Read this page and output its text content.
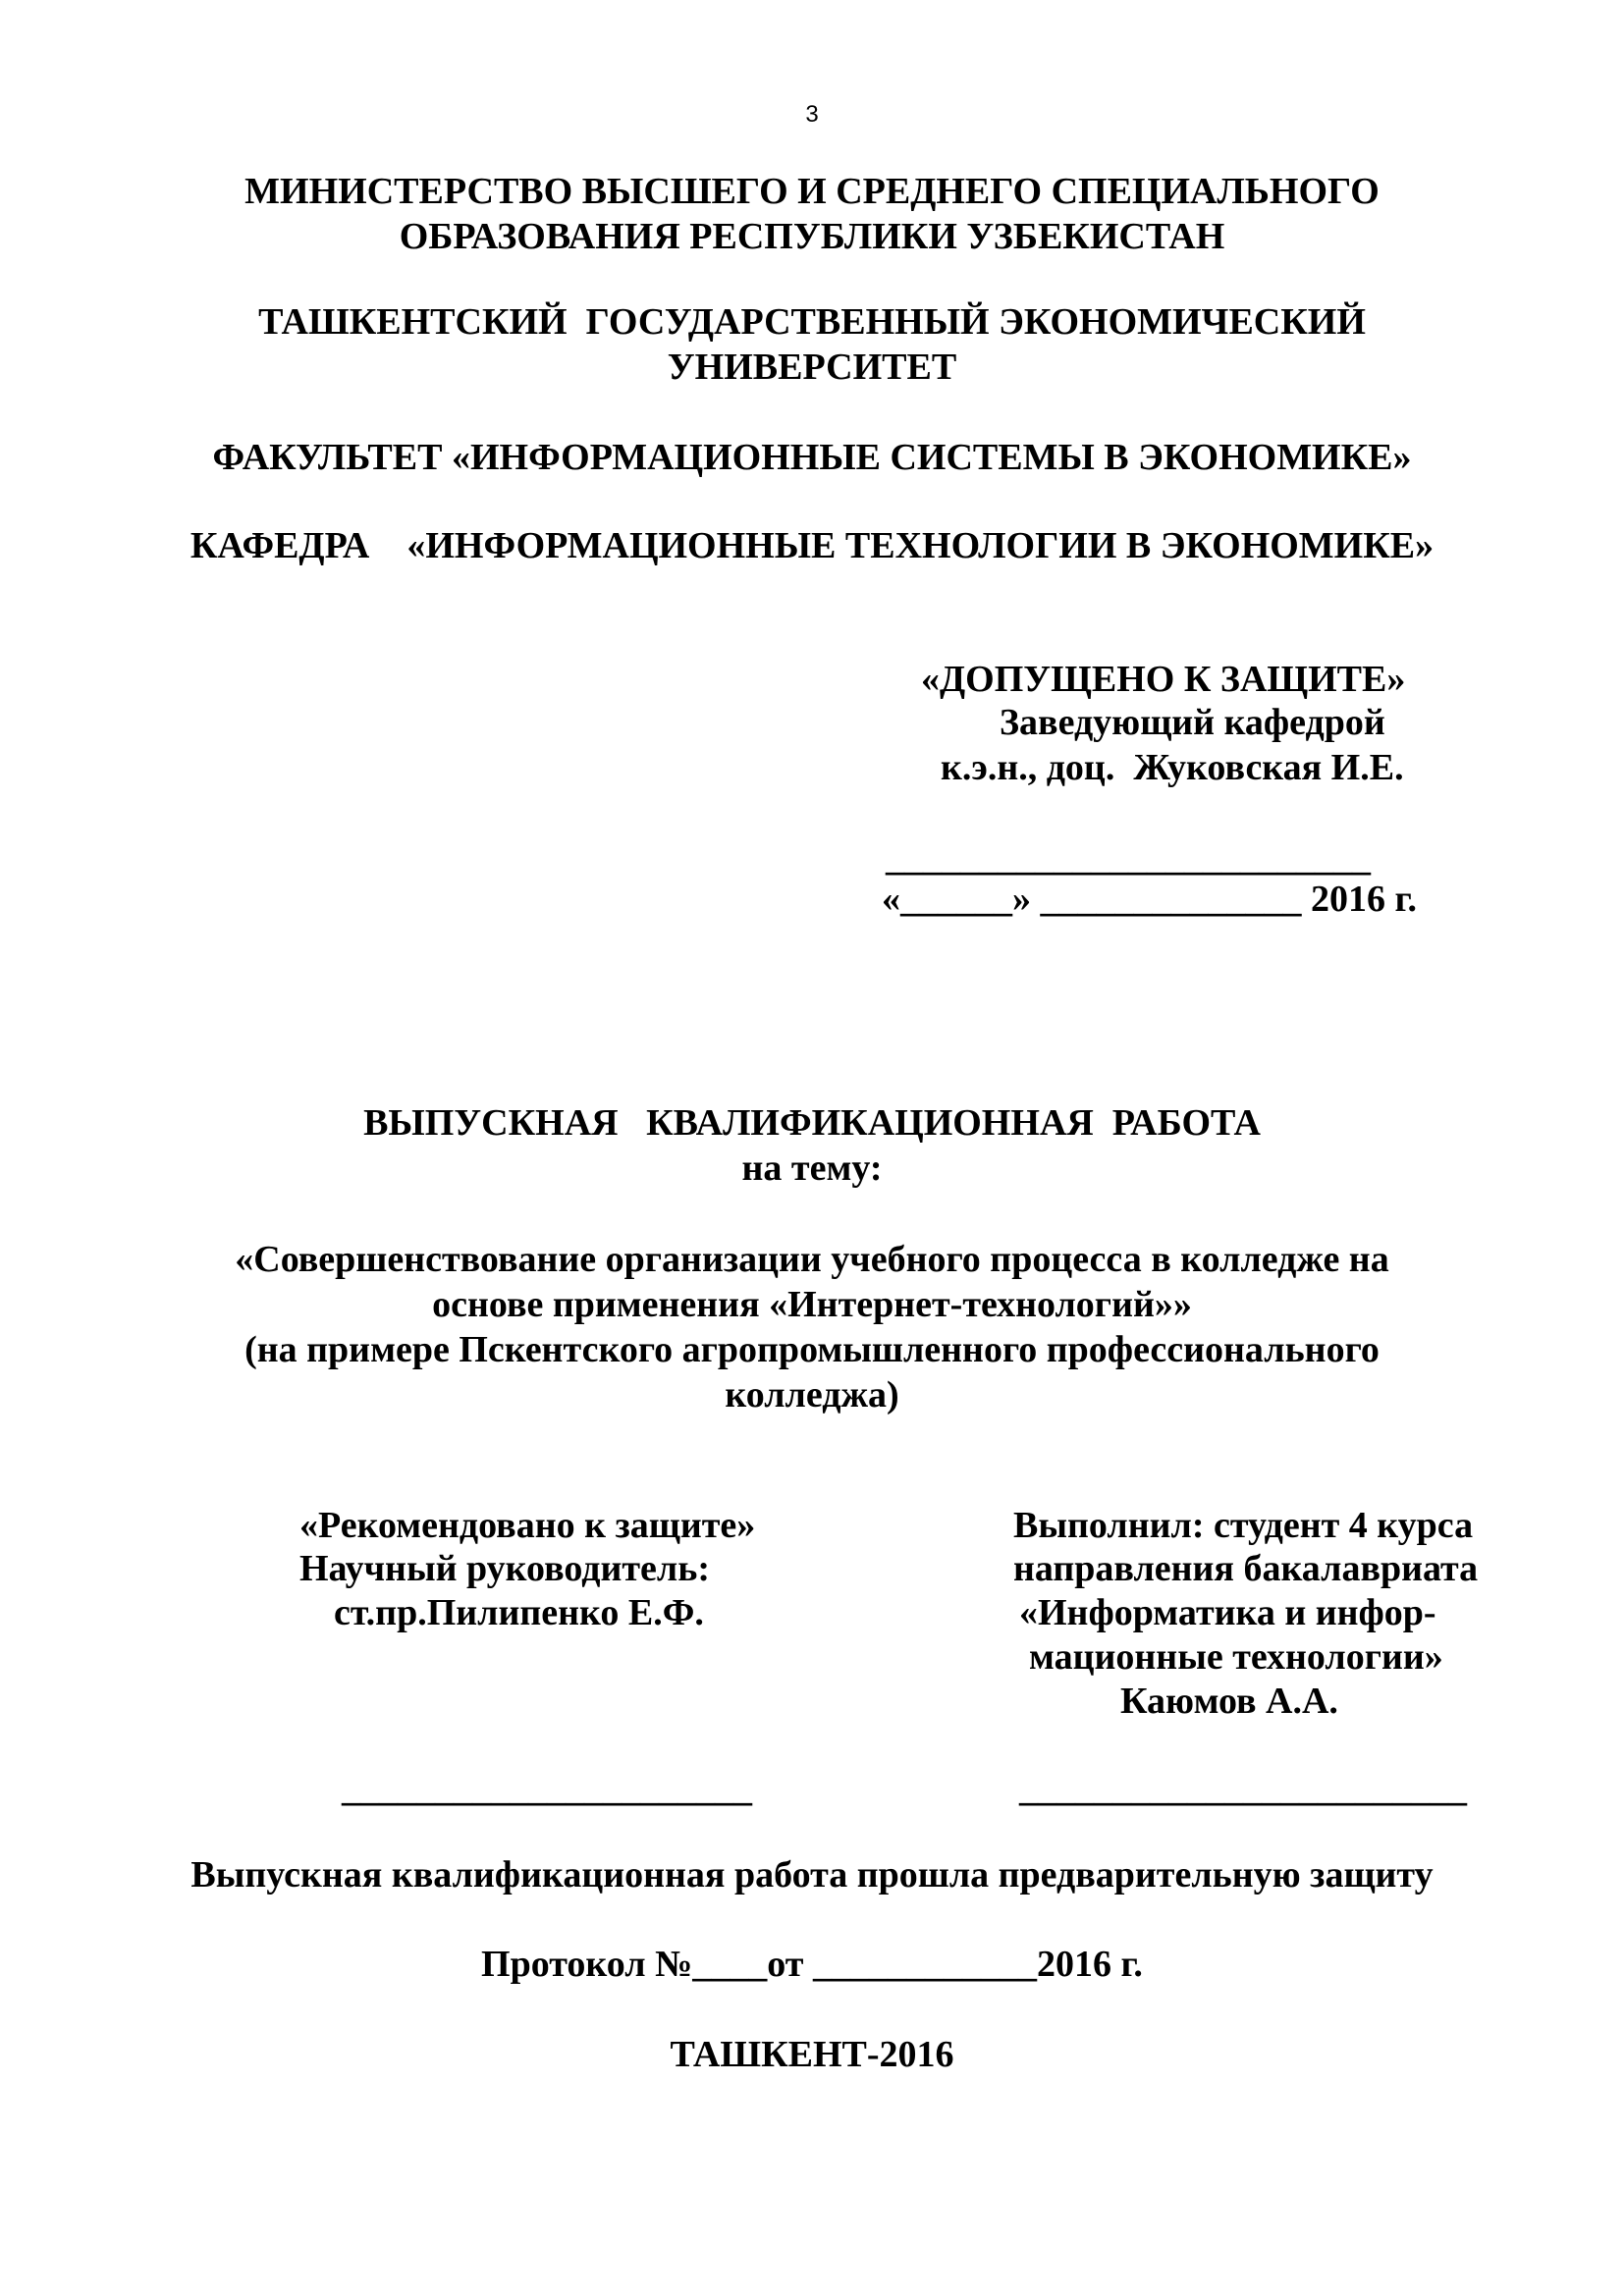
3
МИНИСТЕРСТВО ВЫСШЕГО И СРЕДНЕГО СПЕЦИАЛЬНОГО
ОБРАЗОВАНИЯ РЕСПУБЛИКИ УЗБЕКИСТАН
ТАШКЕНТСКИЙ  ГОСУДАРСТВЕННЫЙ ЭКОНОМИЧЕСКИЙ
УНИВЕРСИТЕТ
ФАКУЛЬТЕТ «ИНФОРМАЦИОННЫЕ СИСТЕМЫ В ЭКОНОМИКЕ»
КАФЕДРА    «ИНФОРМАЦИОННЫЕ ТЕХНОЛОГИИ В ЭКОНОМИКЕ»
«ДОПУЩЕНО К ЗАЩИТЕ»
Заведующий кафедрой
к.э.н., доц.  Жуковская И.Е.
__________________________
«______» ______________ 2016 г.
ВЫПУСКНАЯ   КВАЛИФИКАЦИОННАЯ  РАБОТА
на тему:
«Совершенствование организации учебного процесса в колледже на
основе применения «Интернет-технологий»»
(на примере Пскентского агропромышленного профессионального
колледжа)
«Рекомендовано к защите»
Научный руководитель:
ст.пр.Пилипенко Е.Ф.
______________________
Выполнил: студент 4 курса
направления бакалавриата
«Информатика и инфор-
мационные технологии»
Каюмов А.А.
________________________
Выпускная квалификационная работа прошла предварительную защиту
Протокол №____от ____________2016 г.
ТАШКЕНТ-2016
